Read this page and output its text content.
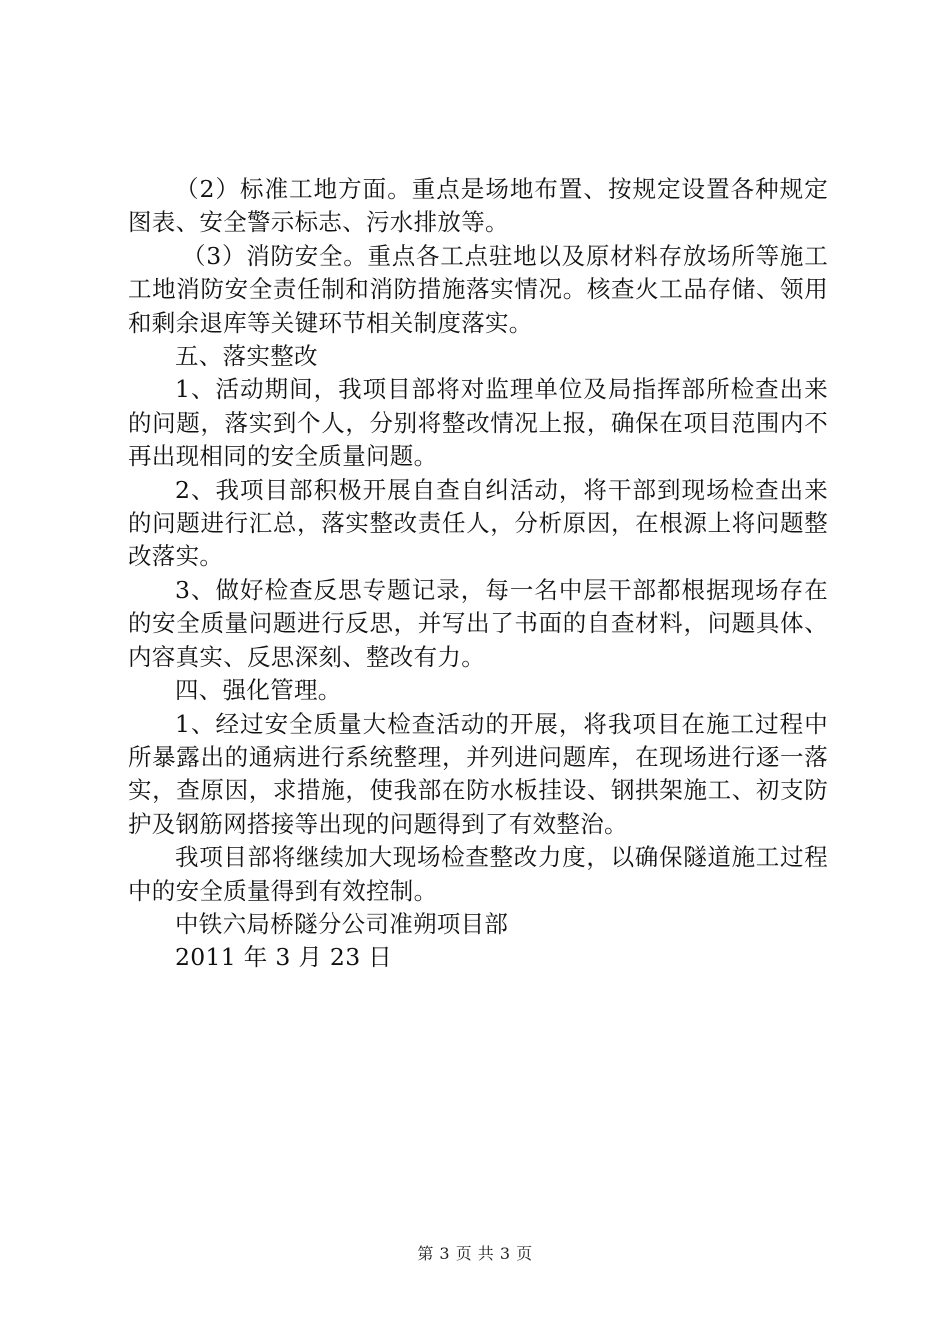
（2）标准工地方面。重点是场地布置、按规定设置各种规定图表、安全警示标志、污水排放等。

（3）消防安全。重点各工点驻地以及原材料存放场所等施工工地消防安全责任制和消防措施落实情况。核查火工品存储、领用和剩余退库等关键环节相关制度落实。

五、落实整改

1、活动期间，我项目部将对监理单位及局指挥部所检查出来的问题，落实到个人，分别将整改情况上报，确保在项目范围内不再出现相同的安全质量问题。

2、我项目部积极开展自查自纠活动，将干部到现场检查出来的问题进行汇总，落实整改责任人，分析原因，在根源上将问题整改落实。

3、做好检查反思专题记录，每一名中层干部都根据现场存在的安全质量问题进行反思，并写出了书面的自查材料，问题具体、内容真实、反思深刻、整改有力。

四、强化管理。

1、经过安全质量大检查活动的开展，将我项目在施工过程中所暴露出的通病进行系统整理，并列进问题库，在现场进行逐一落实，查原因，求措施，使我部在防水板挂设、钢拱架施工、初支防护及钢筋网搭接等出现的问题得到了有效整治。

我项目部将继续加大现场检查整改力度，以确保隧道施工过程中的安全质量得到有效控制。

中铁六局桥隧分公司准朔项目部

2011 年 3 月 23 日

第 3 页 共 3 页
